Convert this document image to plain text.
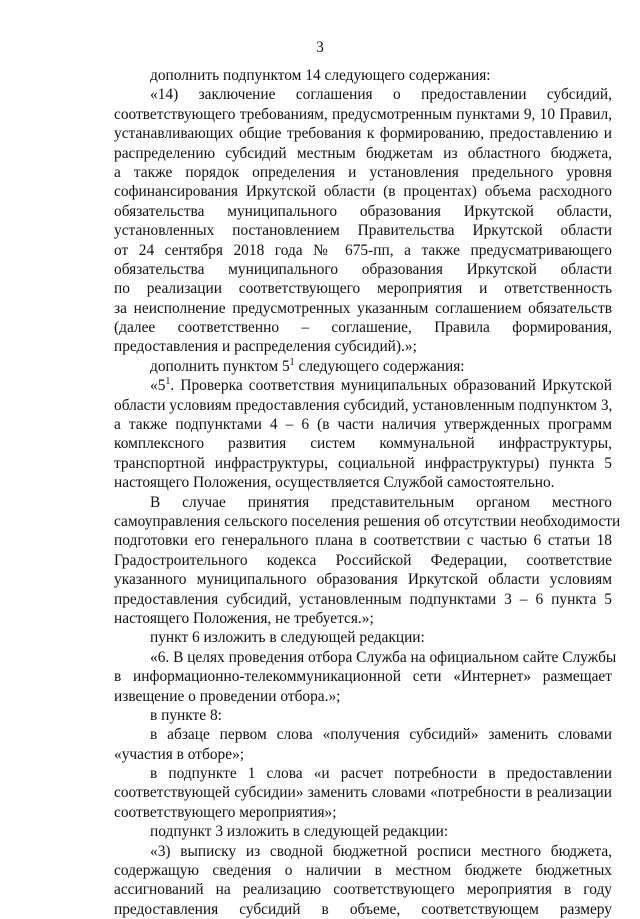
3
дополнить подпунктом 14 следующего содержания:
«14) заключение соглашения о предоставлении субсидий,
соответствующего требованиям, предусмотренным пунктами 9, 10 Правил,
устанавливающих общие требования к формированию, предоставлению и
распределению субсидий местным бюджетам из областного бюджета,
а также порядок определения и установления предельного уровня
софинансирования Иркутской области (в процентах) объема расходного
обязательства муниципального образования Иркутской области,
установленных постановлением Правительства Иркутской области
от 24 сентября 2018 года № 675-пп, а также предусматривающего
обязательства муниципального образования Иркутской области
по реализации соответствующего мероприятия и ответственность
за неисполнение предусмотренных указанным соглашением обязательств
(далее соответственно – соглашение, Правила формирования,
предоставления и распределения субсидий).»;
дополнить пунктом $5^1$ следующего содержания:
«$5^1$. Проверка соответствия муниципальных образований Иркутской
области условиям предоставления субсидий, установленным подпунктом 3,
а также подпунктами 4 – 6 (в части наличия утвержденных программ
комплексного развития систем коммунальной инфраструктуры,
транспортной инфраструктуры, социальной инфраструктуры) пункта 5
настоящего Положения, осуществляется Службой самостоятельно.
В случае принятия представительным органом местного
самоуправления сельского поселения решения об отсутствии необходимости
подготовки его генерального плана в соответствии с частью 6 статьи 18
Градостроительного кодекса Российской Федерации, соответствие
указанного муниципального образования Иркутской области условиям
предоставления субсидий, установленным подпунктами 3 – 6 пункта 5
настоящего Положения, не требуется.»;
пункт 6 изложить в следующей редакции:
«6. В целях проведения отбора Служба на официальном сайте Службы
в информационно-телекоммуникационной сети «Интернет» размещает
извещение о проведении отбора.»;
в пункте 8:
в абзаце первом слова «получения субсидий» заменить словами
«участия в отборе»;
в подпункте 1 слова «и расчет потребности в предоставлении
соответствующей субсидии» заменить словами «потребности в реализации
соответствующего мероприятия»;
подпункт 3 изложить в следующей редакции:
«3) выписку из сводной бюджетной росписи местного бюджета,
содержащую сведения о наличии в местном бюджете бюджетных
ассигнований на реализацию соответствующего мероприятия в году
предоставления субсидий в объеме, соответствующем размеру
